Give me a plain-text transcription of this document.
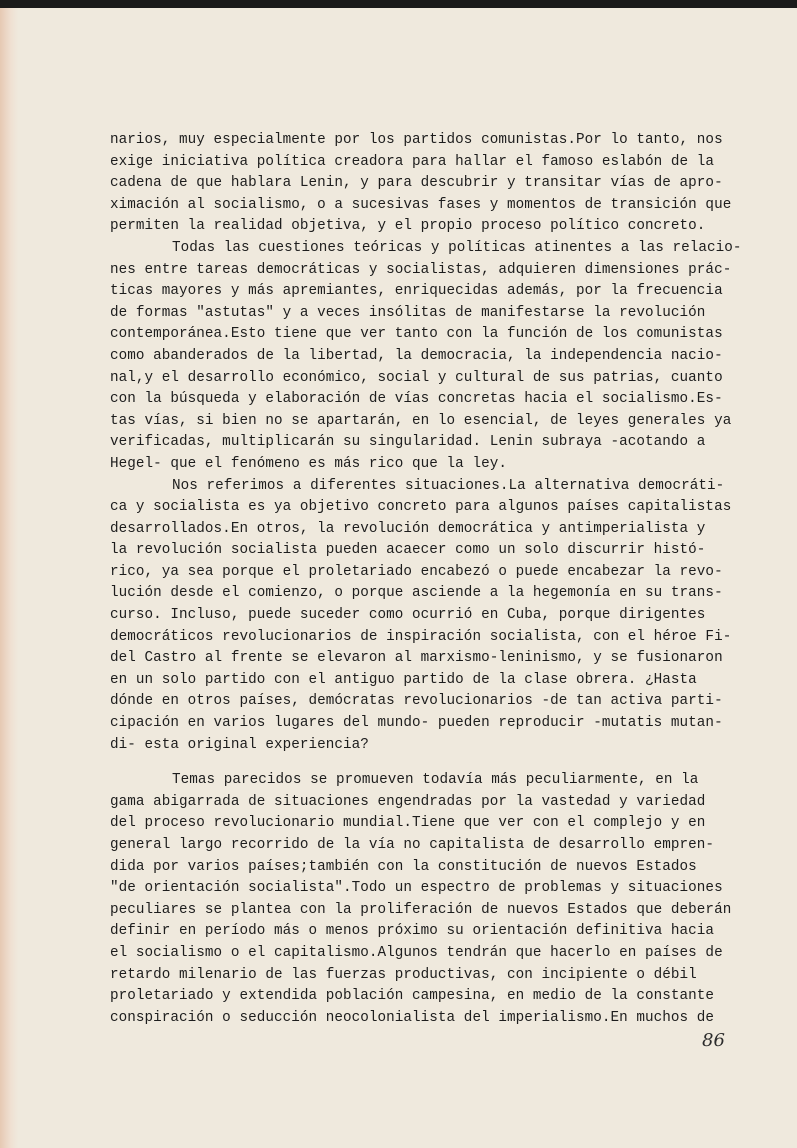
narios, muy especialmente por los partidos comunistas.Por lo tanto, nos
exige iniciativa política creadora para hallar el famoso eslabón de la
cadena de que hablara Lenin, y para descubrir y transitar vías de apro-
ximación al socialismo, o a sucesivas fases y momentos de transición que
permiten la realidad objetiva, y el propio proceso político concreto.
Todas las cuestiones teóricas y políticas atinentes a las relacio-
nes entre tareas democráticas y socialistas, adquieren dimensiones prác-
ticas mayores y más apremiantes, enriquecidas además, por la frecuencia
de formas "astutas" y a veces insólitas de manifestarse la revolución
contemporánea.Esto tiene que ver tanto con la función de los comunistas
como abanderados de la libertad, la democracia, la independencia nacio-
nal,y el desarrollo económico, social y cultural de sus patrias, cuanto
con la búsqueda y elaboración de vías concretas hacia el socialismo.Es-
tas vías, si bien no se apartarán, en lo esencial, de leyes generales ya
verificadas, multiplicarán su singularidad. Lenin subraya -acotando a
Hegel- que el fenómeno es más rico que la ley.
Nos referimos a diferentes situaciones.La alternativa democráti-
ca y socialista es ya objetivo concreto para algunos países capitalistas
desarrollados.En otros, la revolución democrática y antimperialista y
la revolución socialista pueden acaecer como un solo discurrir histó-
rico, ya sea porque el proletariado encabezó o puede encabezar la revo-
lución desde el comienzo, o porque asciende a la hegemonía en su trans-
curso. Incluso, puede suceder como ocurrió en Cuba, porque dirigentes
democráticos revolucionarios de inspiración socialista, con el héroe Fi-
del Castro al frente se elevaron al marxismo-leninismo, y se fusionaron
en un solo partido con el antiguo partido de la clase obrera. ¿Hasta
dónde en otros países, demócratas revolucionarios -de tan activa parti-
cipación en varios lugares del mundo- pueden reproducir -mutatis mutan-
di- esta original experiencia?
Temas parecidos se promueven todavía más peculiarmente, en la
gama abigarrada de situaciones engendradas por la vastedad y variedad
del proceso revolucionario mundial.Tiene que ver con el complejo y en
general largo recorrido de la vía no capitalista de desarrollo empren-
dida por varios países;también con la constitución de nuevos Estados
"de orientación socialista".Todo un espectro de problemas y situaciones
peculiares se plantea con la proliferación de nuevos Estados que deberán
definir en período más o menos próximo su orientación definitiva hacia
el socialismo o el capitalismo.Algunos tendrán que hacerlo en países de
retardo milenario de las fuerzas productivas, con incipiente o débil
proletariado y extendida población campesina, en medio de la constante
conspiración o seducción neocolonialista del imperialismo.En muchos de
86
